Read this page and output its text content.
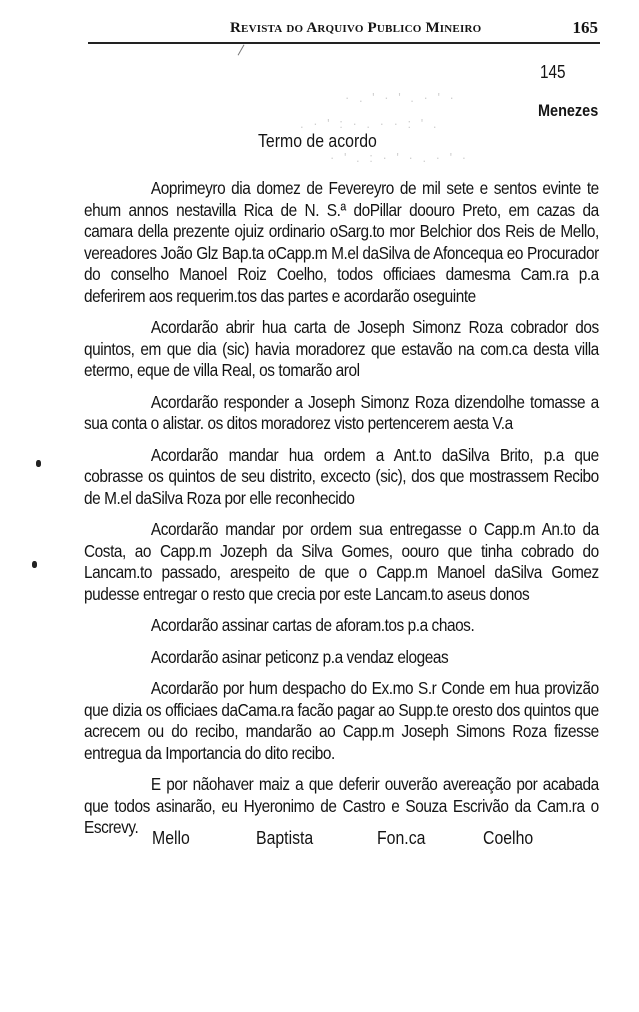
Revista do Arquivo Publico Mineiro	165
145
· . ' · ' . · ' ·
. · ' : · . · · : ' .
· ' . : · ' · . · ' ·
Menezes
Termo de acordo

Aoprimeyro dia domez de Fevereyro de mil sete e sentos evinte te ehum annos nestavilla Rica de N. S.ª doPillar doouro Preto, em cazas da camara della prezente ojuiz ordinario oSarg.to mor Belchior dos Reis de Mello, vereadores João Glz Bap.ta oCapp.m M.el daSilva de Afoncequa eo Procurador do conselho Manoel Roiz Coelho, todos officiaes damesma Cam.ra p.a deferirem aos requerim.tos das partes e acordarão oseguinte

Acordarão abrir hua carta de Joseph Simonz Roza cobrador dos quintos, em que dia (sic) havia moradorez que estavão na com.ca desta villa etermo, eque de villa Real, os tomarão arol

Acordarão responder a Joseph Simonz Roza dizendolhe tomasse a sua conta o alistar. os ditos moradorez visto pertencerem aesta V.a

Acordarão mandar hua ordem a Ant.to daSilva Brito, p.a que cobrasse os quintos de seu distrito, excecto (sic), dos que mostrassem Recibo de M.el daSilva Roza por elle reconhecido

Acordarão mandar por ordem sua entregasse o Capp.m An.to da Costa, ao Capp.m Jozeph da Silva Gomes, oouro que tinha cobrado do Lancam.to passado, arespeito de que o Capp.m Manoel daSilva Gomez pudesse entregar o resto que crecia por este Lancam.to aseus donos

Acordarão assinar cartas de aforam.tos p.a chaos.

Acordarão asinar peticonz p.a vendaz elogeas

Acordarão por hum despacho do Ex.mo S.r Conde em hua provizão que dizia os officiaes daCama.ra facão pagar ao Supp.te oresto dos quintos que acrecem ou do recibo, mandarão ao Capp.m Joseph Simons Roza fizesse entregua da Importancia do dito recibo.

E por nãohaver maiz a que deferir ouverão avereação por acabada que todos asinarão, eu Hyeronimo de Castro e Souza Escrivão da Cam.ra o Escrevy.

Mello	Baptista	Fon.ca	Coelho
